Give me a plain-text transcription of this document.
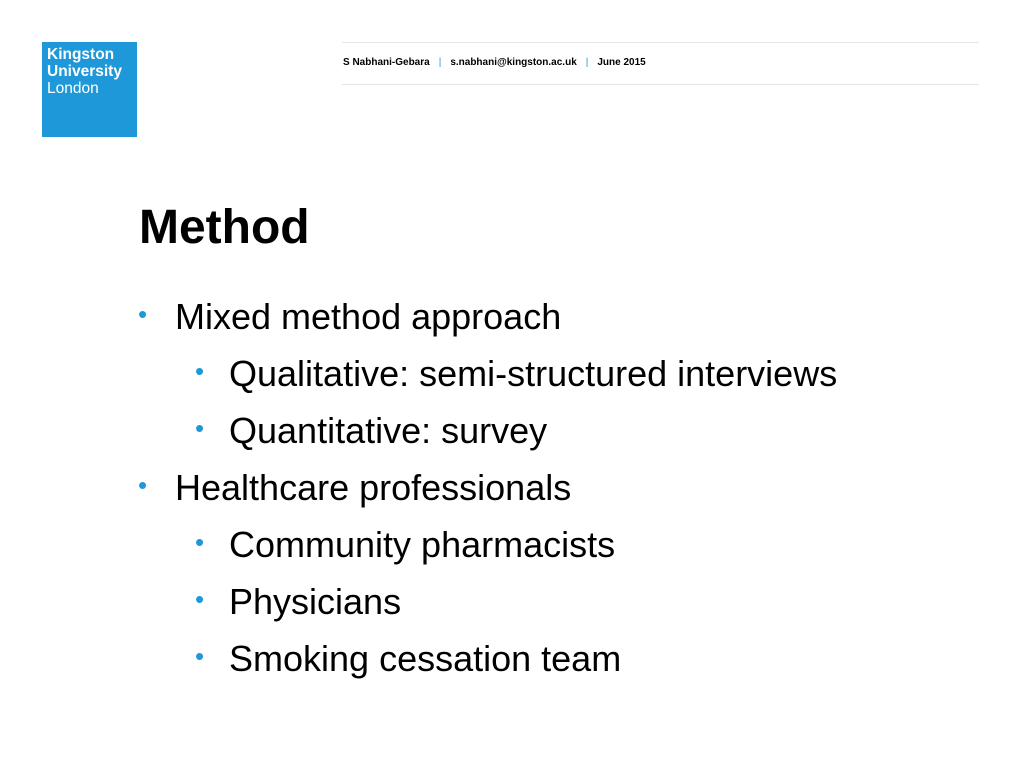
Kingston
University
London
S Nabhani-Gebara | s.nabhani@kingston.ac.uk | June 2015
Method
• Mixed method approach
• Qualitative: semi-structured interviews
• Quantitative: survey
• Healthcare professionals
• Community pharmacists
• Physicians
• Smoking cessation team
